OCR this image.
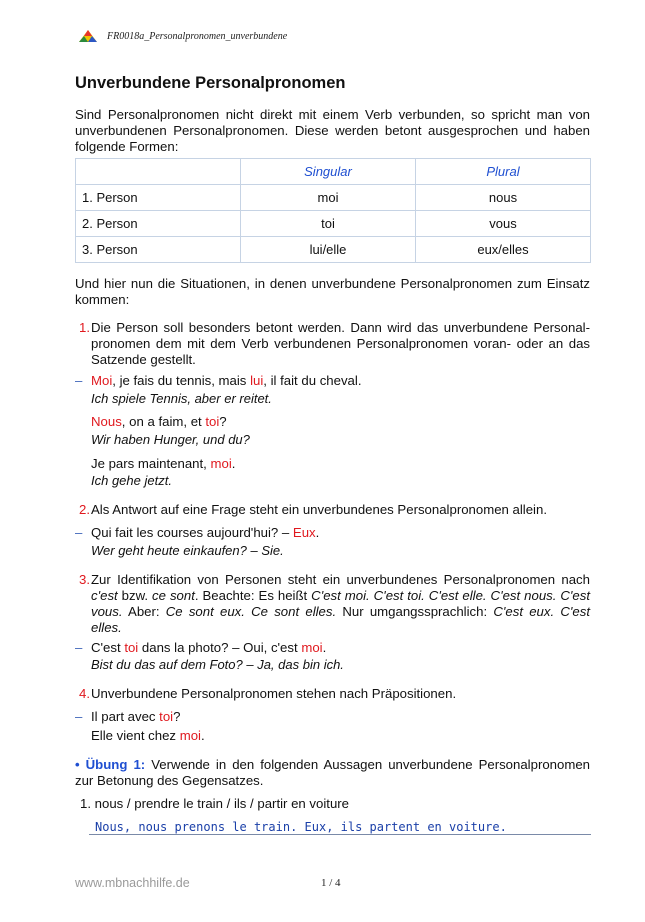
FR0018a_Personalpronomen_unverbundene
Unverbundene Personalpronomen

Sind Personalpronomen nicht direkt mit einem Verb verbunden, so spricht man von unverbundenen Personalpronomen. Diese werden betont ausgesprochen und haben folgende Formen:

	Singular	Plural
1. Person	moi	nous
2. Person	toi	vous
3. Person	lui/elle	eux/elles

Und hier nun die Situationen, in denen unverbundene Personalpronomen zum Einsatz kommen:

1. Die Person soll besonders betont werden. Dann wird das unverbundene Personalpronomen dem mit dem Verb verbundenen Personalpronomen voran- oder an das Satzende gestellt.
– Moi, je fais du tennis, mais lui, il fait du cheval.
Ich spiele Tennis, aber er reitet.
Nous, on a faim, et toi?
Wir haben Hunger, und du?
Je pars maintenant, moi.
Ich gehe jetzt.
2. Als Antwort auf eine Frage steht ein unverbundenes Personalpronomen allein.
– Qui fait les courses aujourd'hui? – Eux.
Wer geht heute einkaufen? – Sie.
3. Zur Identifikation von Personen steht ein unverbundenes Personalpronomen nach c'est bzw. ce sont. Beachte: Es heißt C'est moi. C'est toi. C'est elle. C'est nous. C'est vous. Aber: Ce sont eux. Ce sont elles. Nur umgangssprachlich: C'est eux. C'est elles.
– C'est toi dans la photo? – Oui, c'est moi.
Bist du das auf dem Foto? – Ja, das bin ich.
4. Unverbundene Personalpronomen stehen nach Präpositionen.
– Il part avec toi?
Elle vient chez moi.
• Übung 1: Verwende in den folgenden Aussagen unverbundene Personalpronomen zur Betonung des Gegensatzes.
1. nous / prendre le train / ils / partir en voiture
Nous, nous prenons le train. Eux, ils partent en voiture.
www.mbnachhilfe.de	1 / 4
